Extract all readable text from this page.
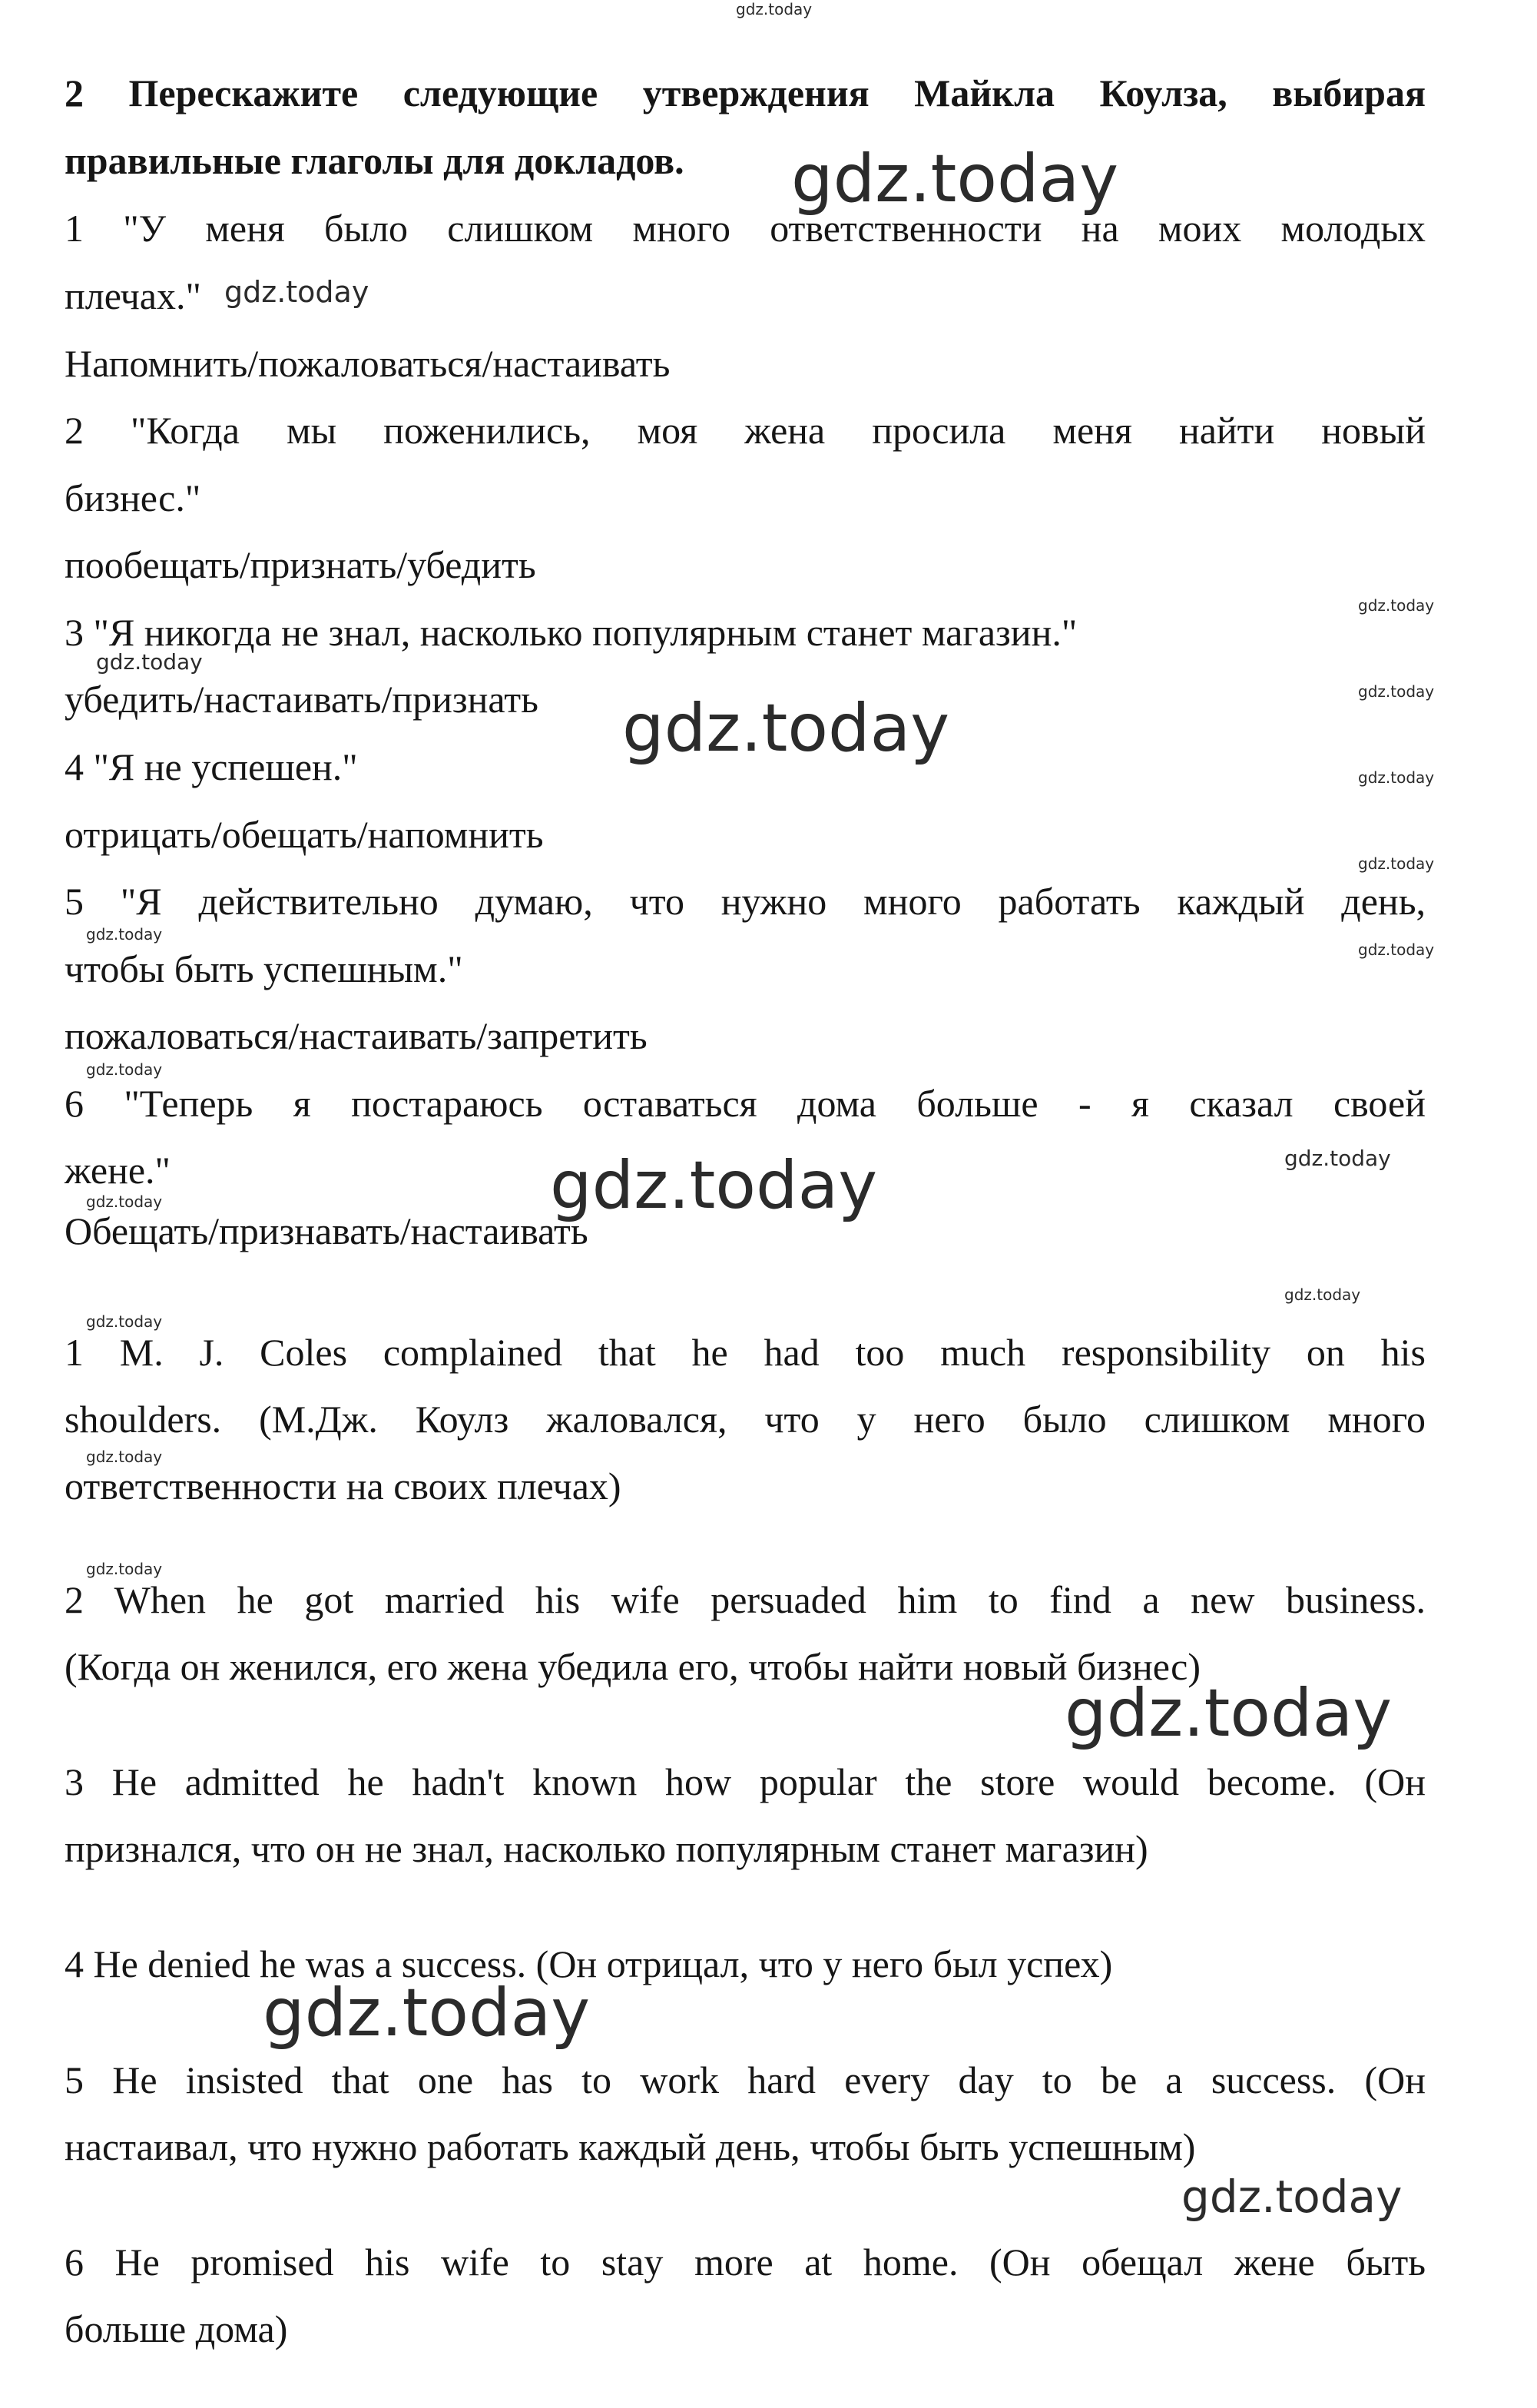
2 Перескажите следующие утверждения Майкла Коулза, выбирая

правильные глаголы для докладов.

1 "У меня было слишком много ответственности на моих молодых

плечах."

Напомнить/пожаловаться/настаивать

2 "Когда мы поженились, моя жена просила меня найти новый

бизнес."

пообещать/признать/убедить

3 "Я никогда не знал, насколько популярным станет магазин."

убедить/настаивать/признать

4 "Я не успешен."

отрицать/обещать/напомнить

5 "Я действительно думаю, что нужно много работать каждый день,

чтобы быть успешным."

пожаловаться/настаивать/запретить

6 "Теперь я постараюсь оставаться дома больше - я сказал своей

жене."

Обещать/признавать/настаивать

1 M. J. Coles complained that he had too much responsibility on his

shoulders. (М.Дж. Коулз жаловался, что у него было слишком много

ответственности на своих плечах)

2 When he got married his wife persuaded him to find a new business.

(Когда он женился, его жена убедила его, чтобы найти новый бизнес)

3 He admitted he hadn't known how popular the store would become. (Он

признался, что он не знал, насколько популярным станет магазин)

4 He denied he was a success. (Он отрицал, что у него был успех)

5 He insisted that one has to work hard every day to be a success. (Он

настаивал, что нужно работать каждый день, чтобы быть успешным)

6 He promised his wife to stay more at home. (Он обещал жене быть

больше дома)

gdz.today
gdz.today
gdz.today
gdz.today
gdz.today
gdz.today
gdz.today
gdz.today
gdz.today
gdz.today
gdz.today
gdz.today
gdz.today	gdz.today
gdz.today
gdz.today
gdz.today
gdz.today
gdz.today
gdz.today
gdz.today
gdz.today
